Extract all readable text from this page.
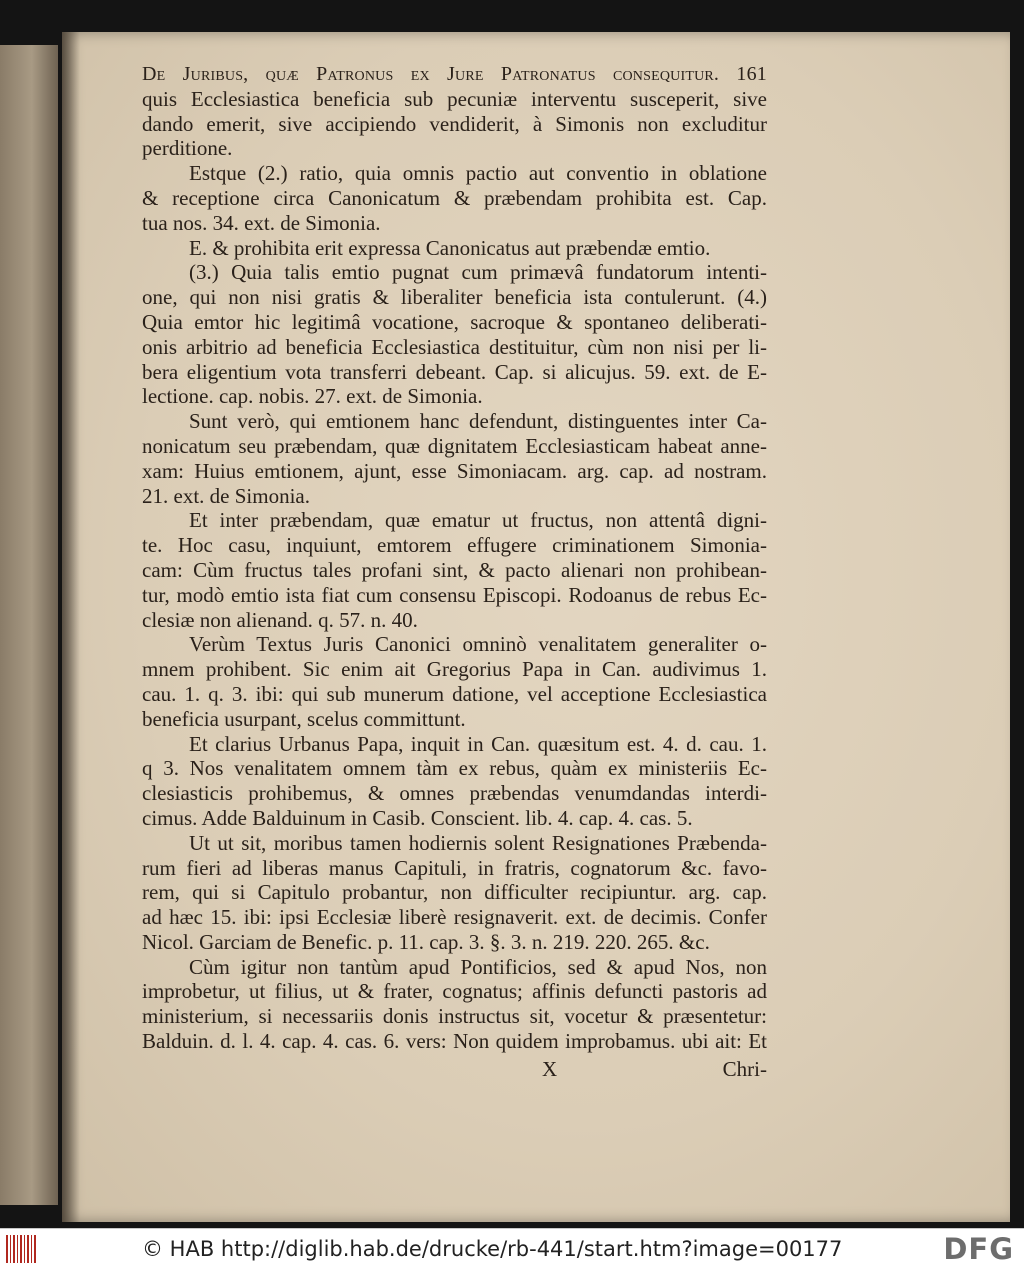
De Juribus, quæ Patronus ex Jure Patronatus consequitur. 161
quis Ecclesiastica beneficia sub pecuniæ interventu susceperit, sive
dando emerit, sive accipiendo vendiderit, à Simonis non excluditur
perditione.
Estque (2.) ratio, quia omnis pactio aut conventio in oblatione
& receptione circa Canonicatum & præbendam prohibita est. Cap.
tua nos. 34. ext. de Simonia.
E. & prohibita erit expressa Canonicatus aut præbendæ emtio.
(3.) Quia talis emtio pugnat cum primævâ fundatorum intenti-
one, qui non nisi gratis & liberaliter beneficia ista contulerunt. (4.)
Quia emtor hic legitimâ vocatione, sacroque & spontaneo deliberati-
onis arbitrio ad beneficia Ecclesiastica destituitur, cùm non nisi per li-
bera eligentium vota transferri debeant. Cap. si alicujus. 59. ext. de E-
lectione. cap. nobis. 27. ext. de Simonia.
Sunt verò, qui emtionem hanc defendunt, distinguentes inter Ca-
nonicatum seu præbendam, quæ dignitatem Ecclesiasticam habeat anne-
xam: Huius emtionem, ajunt, esse Simoniacam. arg. cap. ad nostram.
21. ext. de Simonia.
Et inter præbendam, quæ ematur ut fructus, non attentâ digni-
te. Hoc casu, inquiunt, emtorem effugere criminationem Simonia-
cam: Cùm fructus tales profani sint, & pacto alienari non prohibean-
tur, modò emtio ista fiat cum consensu Episcopi. Rodoanus de rebus Ec-
clesiæ non alienand. q. 57. n. 40.
Verùm Textus Juris Canonici omninò venalitatem generaliter o-
mnem prohibent. Sic enim ait Gregorius Papa in Can. audivimus 1.
cau. 1. q. 3. ibi: qui sub munerum datione, vel acceptione Ecclesiastica
beneficia usurpant, scelus committunt.
Et clarius Urbanus Papa, inquit in Can. quæsitum est. 4. d. cau. 1.
q 3. Nos venalitatem omnem tàm ex rebus, quàm ex ministeriis Ec-
clesiasticis prohibemus, & omnes præbendas venumdandas interdi-
cimus. Adde Balduinum in Casib. Conscient. lib. 4. cap. 4. cas. 5.
Ut ut sit, moribus tamen hodiernis solent Resignationes Præbenda-
rum fieri ad liberas manus Capituli, in fratris, cognatorum &c. favo-
rem, qui si Capitulo probantur, non difficulter recipiuntur. arg. cap.
ad hæc 15. ibi: ipsi Ecclesiæ liberè resignaverit. ext. de decimis. Confer
Nicol. Garciam de Benefic. p. 11. cap. 3. §. 3. n. 219. 220. 265. &c.
Cùm igitur non tantùm apud Pontificios, sed & apud Nos, non
improbetur, ut filius, ut & frater, cognatus; affinis defuncti pastoris ad
ministerium, si necessariis donis instructus sit, vocetur & præsentetur:
Balduin. d. l. 4. cap. 4. cas. 6. vers: Non quidem improbamus. ubi ait: Et
X	Chri-
© HAB http://diglib.hab.de/drucke/rb-441/start.htm?image=00177	DFG
